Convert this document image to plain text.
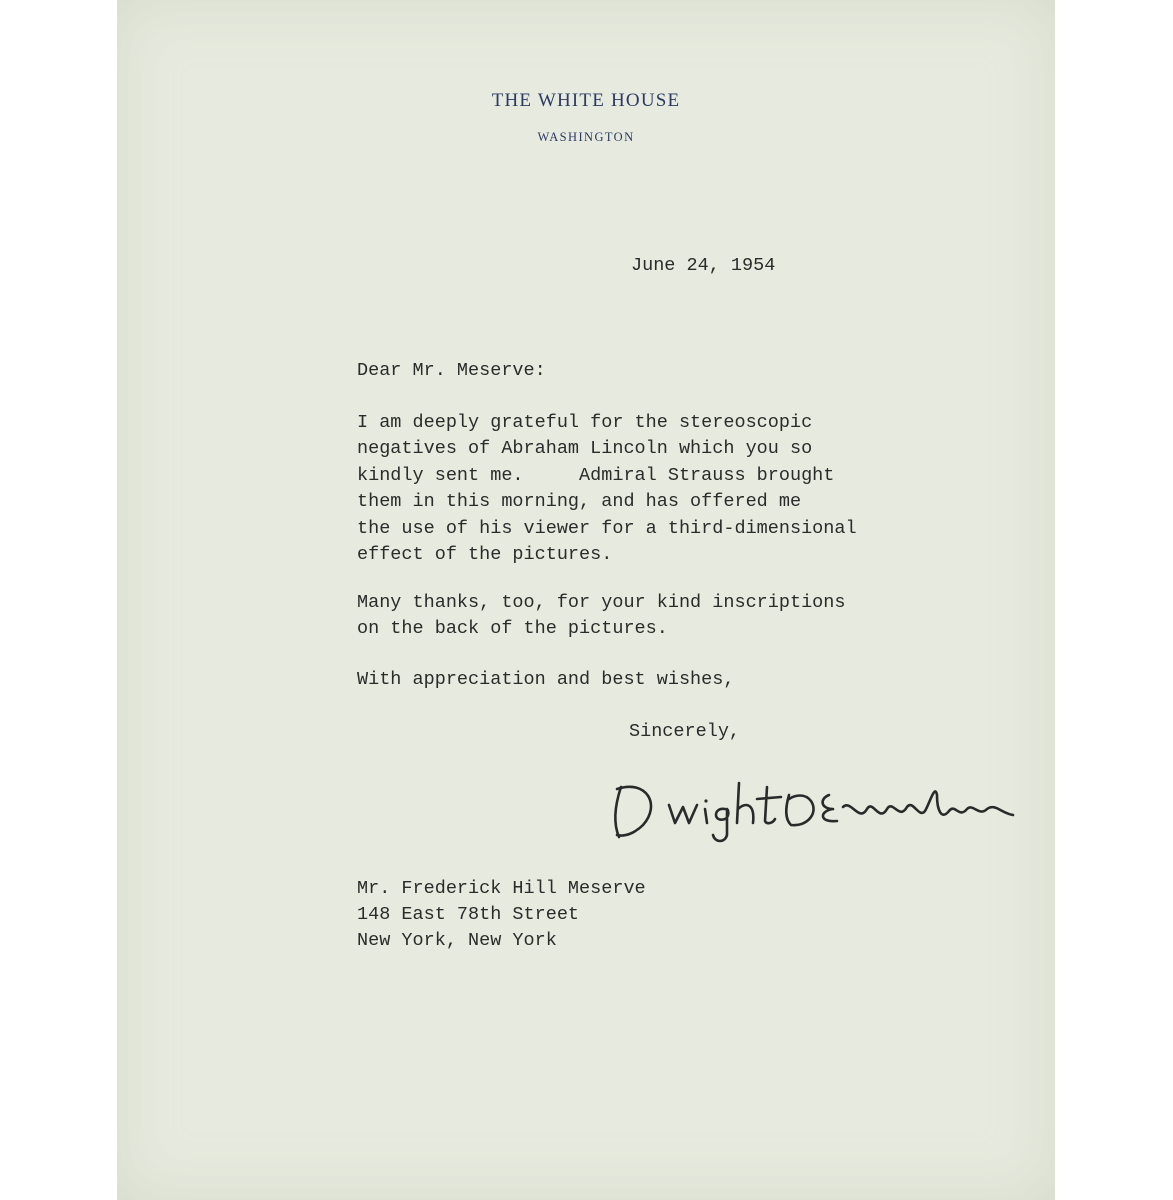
THE WHITE HOUSE
WASHINGTON
June 24, 1954
Dear Mr. Meserve:
I am deeply grateful for the stereoscopic
negatives of Abraham Lincoln which you so
kindly sent me.     Admiral Strauss brought
them in this morning, and has offered me
the use of his viewer for a third-dimensional
effect of the pictures.
Many thanks, too, for your kind inscriptions
on the back of the pictures.
With appreciation and best wishes,
Sincerely,
Mr. Frederick Hill Meserve
148 East 78th Street
New York, New York
